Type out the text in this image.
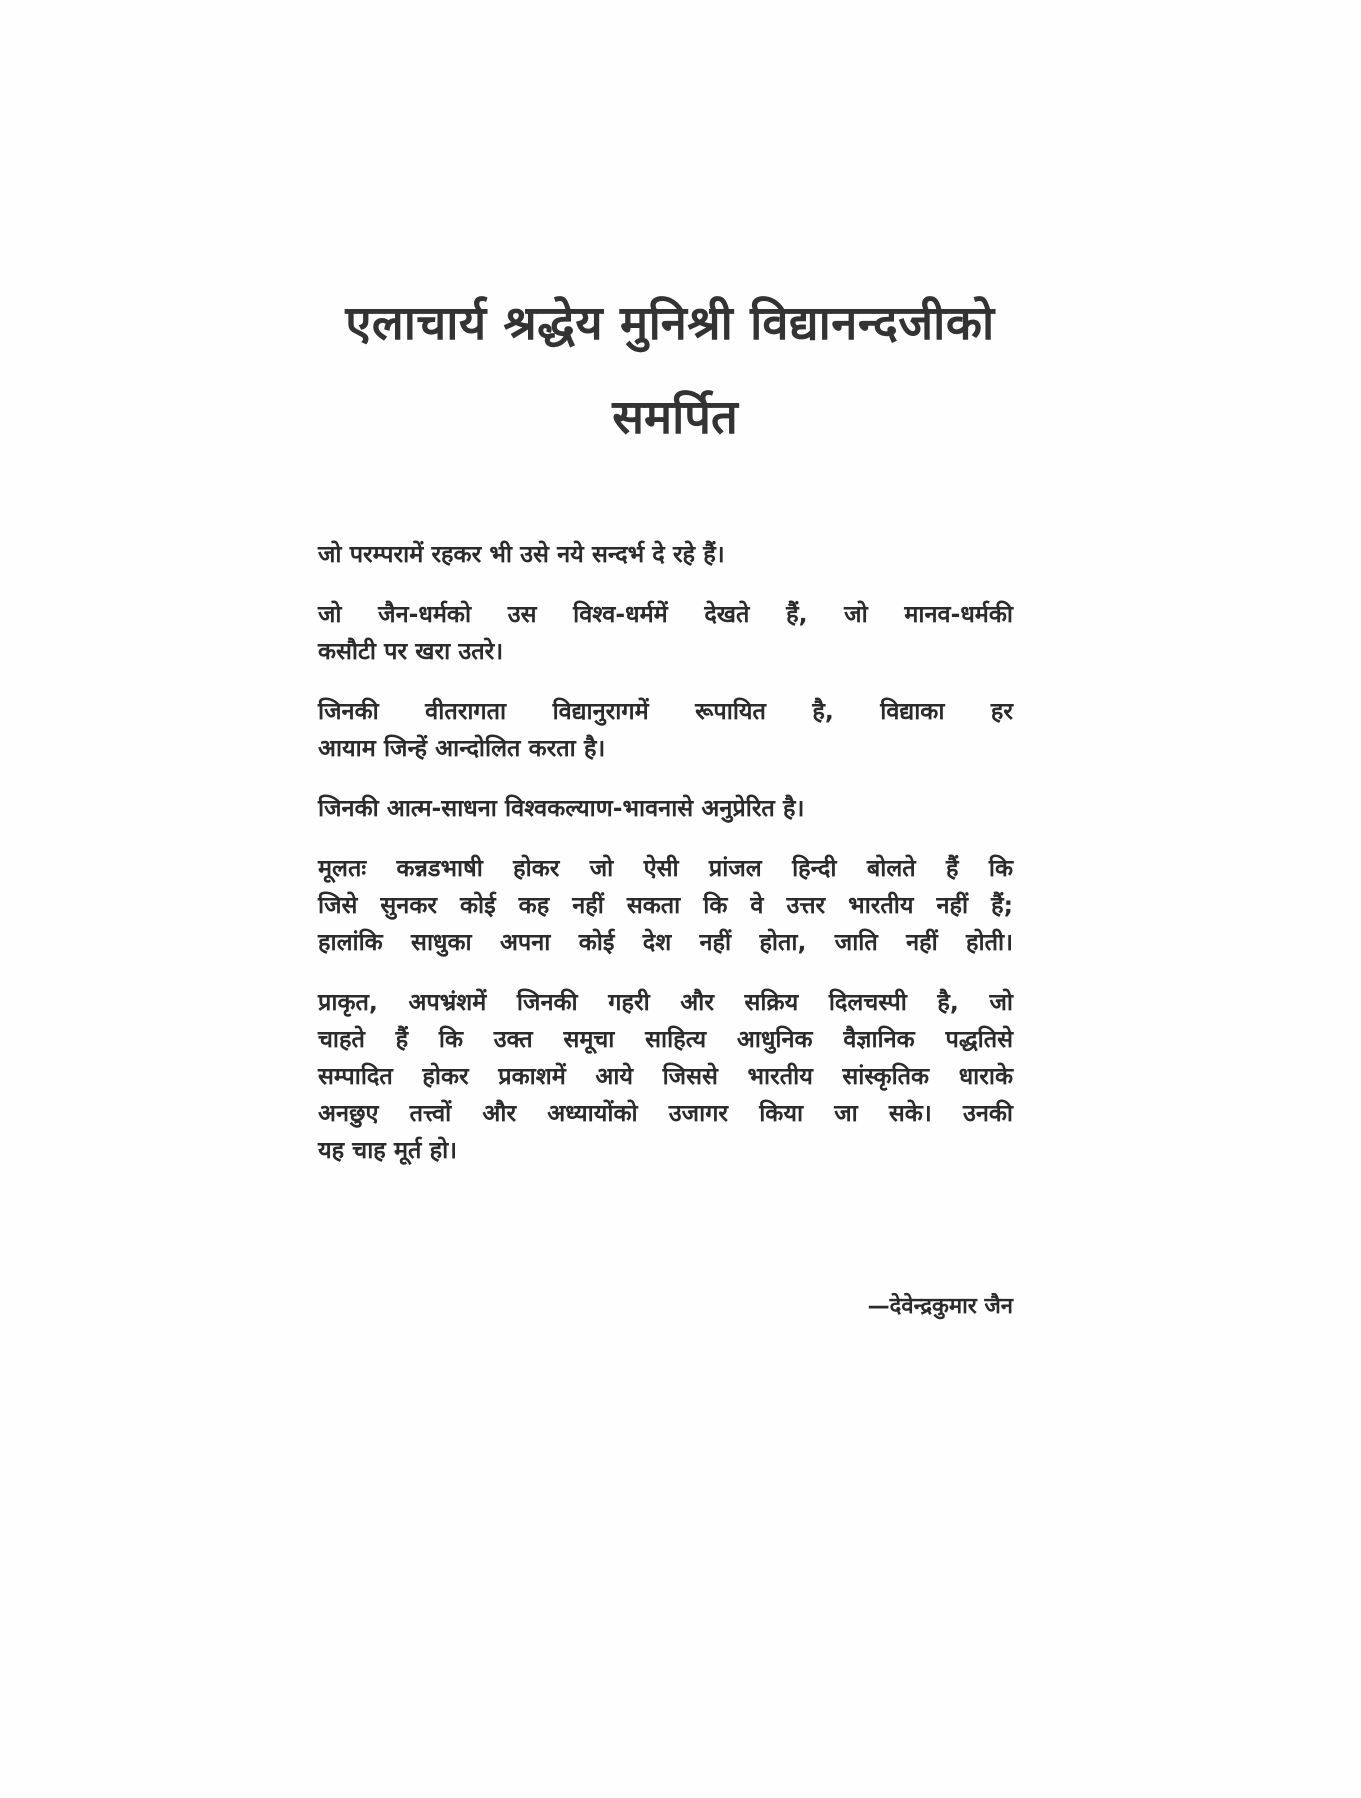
एलाचार्य श्रद्धेय मुनिश्री विद्यानन्दजीको
समर्पित

जो परम्परामें रहकर भी उसे नये सन्दर्भ दे रहे हैं।

जो जैन-धर्मको उस विश्व-धर्ममें देखते हैं, जो मानव-धर्मकी
कसौटी पर खरा उतरे।

जिनकी वीतरागता विद्यानुरागमें रूपायित है, विद्याका हर
आयाम जिन्हें आन्दोलित करता है।

जिनकी आत्म-साधना विश्वकल्याण-भावनासे अनुप्रेरित है।

मूलतः कन्नडभाषी होकर जो ऐसी प्रांजल हिन्दी बोलते हैं कि
जिसे सुनकर कोई कह नहीं सकता कि वे उत्तर भारतीय नहीं हैं;
हालांकि साधुका अपना कोई देश नहीं होता, जाति नहीं होती।

प्राकृत, अपभ्रंशमें जिनकी गहरी और सक्रिय दिलचस्पी है, जो
चाहते हैं कि उक्त समूचा साहित्य आधुनिक वैज्ञानिक पद्धतिसे
सम्पादित होकर प्रकाशमें आये जिससे भारतीय सांस्कृतिक धाराके
अनछुए तत्त्वों और अध्यायोंको उजागर किया जा सके। उनकी
यह चाह मूर्त हो।

—देवेन्द्रकुमार जैन
